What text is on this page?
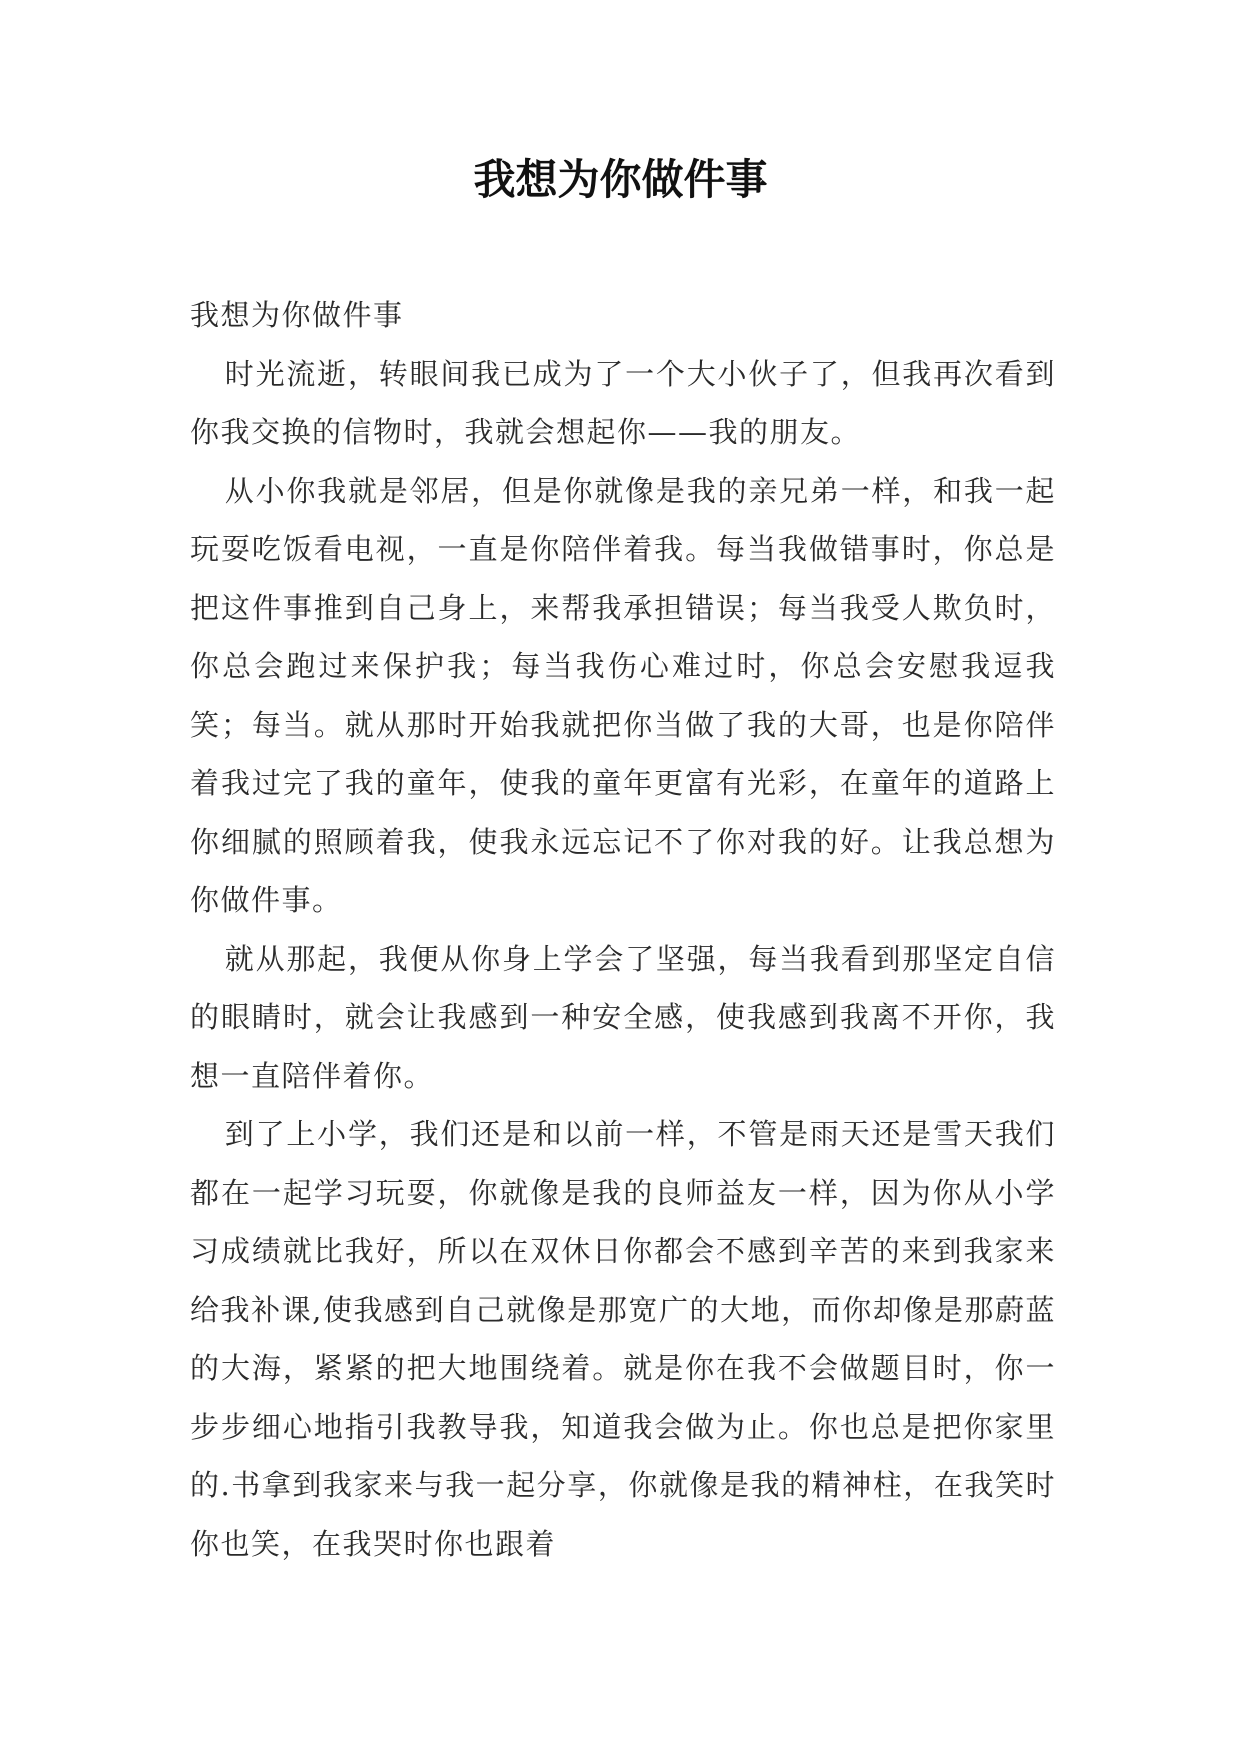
我想为你做件事

我想为你做件事

时光流逝，转眼间我已成为了一个大小伙子了，但我再次看到你我交换的信物时，我就会想起你——我的朋友。

从小你我就是邻居，但是你就像是我的亲兄弟一样，和我一起玩耍吃饭看电视，一直是你陪伴着我。每当我做错事时，你总是把这件事推到自己身上，来帮我承担错误；每当我受人欺负时，你总会跑过来保护我；每当我伤心难过时，你总会安慰我逗我笑；每当。就从那时开始我就把你当做了我的大哥，也是你陪伴着我过完了我的童年，使我的童年更富有光彩，在童年的道路上你细腻的照顾着我，使我永远忘记不了你对我的好。让我总想为你做件事。

就从那起，我便从你身上学会了坚强，每当我看到那坚定自信的眼睛时，就会让我感到一种安全感，使我感到我离不开你，我想一直陪伴着你。

到了上小学，我们还是和以前一样，不管是雨天还是雪天我们都在一起学习玩耍，你就像是我的良师益友一样，因为你从小学习成绩就比我好，所以在双休日你都会不感到辛苦的来到我家来给我补课,使我感到自己就像是那宽广的大地，而你却像是那蔚蓝的大海，紧紧的把大地围绕着。就是你在我不会做题目时，你一步步细心地指引我教导我，知道我会做为止。你也总是把你家里的.书拿到我家来与我一起分享，你就像是我的精神柱，在我笑时你也笑，在我哭时你也跟着
